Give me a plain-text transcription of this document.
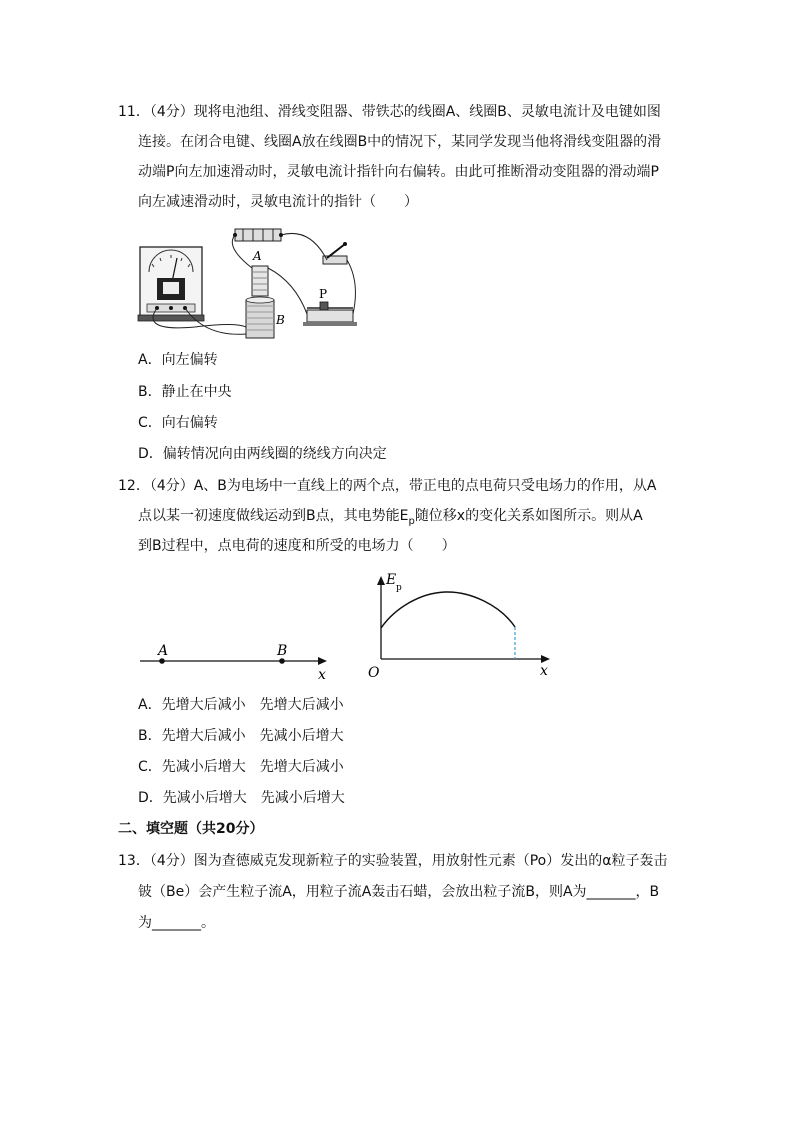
11．（4分）现将电池组、滑线变阻器、带铁芯的线圈A、线圈B、灵敏电流计及电键如图
连接。在闭合电键、线圈A放在线圈B中的情况下，某同学发现当他将滑线变阻器的滑
动端P向左加速滑动时，灵敏电流计指针向右偏转。由此可推断滑动变阻器的滑动端P
向左减速滑动时，灵敏电流计的指针（　　）
A
B
P
A．向左偏转
B．静止在中央
C．向右偏转
D．偏转情况向由两线圈的绕线方向决定
12．（4分）A、B为电场中一直线上的两个点，带正电的点电荷只受电场力的作用，从A
点以某一初速度做线运动到B点，其电势能$E_p$随位移x的变化关系如图所示。则从A
到B过程中，点电荷的速度和所受的电场力（　　）
A	B
x
E p
O	x
A．先增大后减小 先增大后减小
B．先增大后减小 先减小后增大
C．先减小后增大 先增大后减小
D．先减小后增大 先减小后增大
二、填空题（共20分）
13．（4分）图为查德威克发现新粒子的实验装置，用放射性元素（Po）发出的α粒子轰击
铍（Be）会产生粒子流A，用粒子流A轰击石蜡，会放出粒子流B，则A为_______，B
为_______。
